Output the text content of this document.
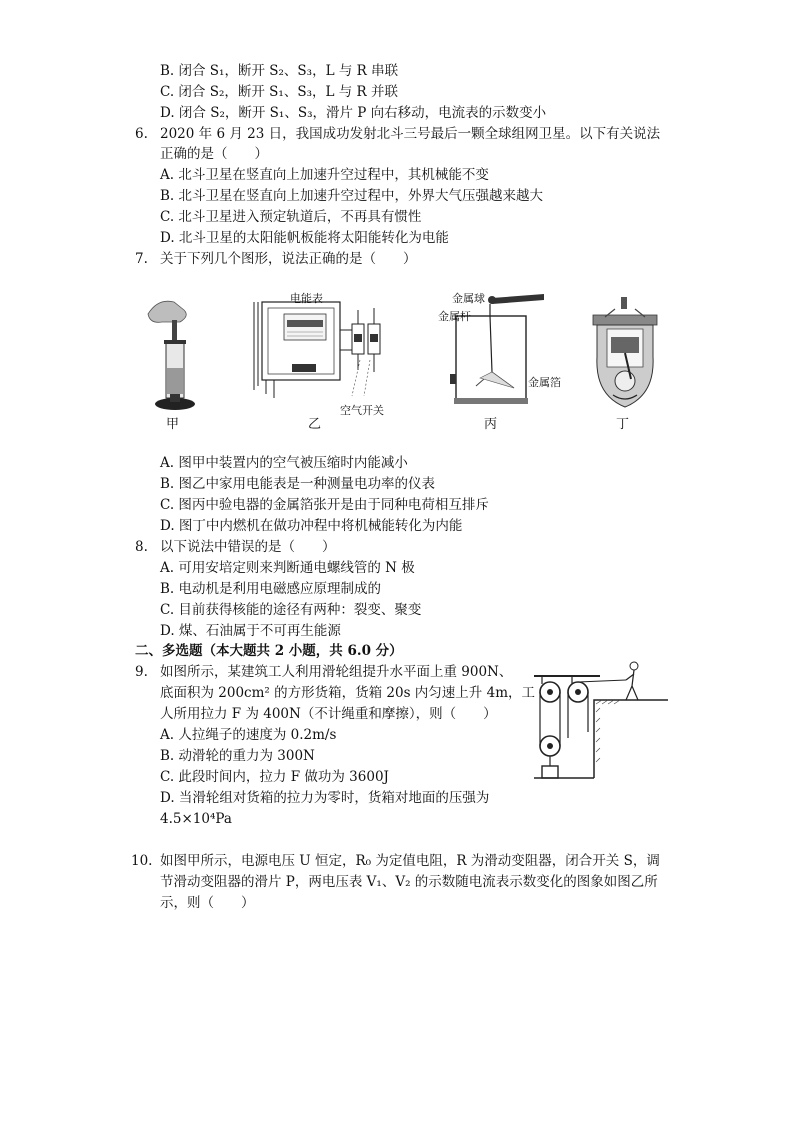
B. 闭合 S₁，断开 S₂、S₃，L 与 R 串联
C. 闭合 S₂，断开 S₁、S₃，L 与 R 并联
D. 闭合 S₂，断开 S₁、S₃，滑片 P 向右移动，电流表的示数变小
6. 2020 年 6 月 23 日，我国成功发射北斗三号最后一颗全球组网卫星。以下有关说法
正确的是（　　）
A. 北斗卫星在竖直向上加速升空过程中，其机械能不变
B. 北斗卫星在竖直向上加速升空过程中，外界大气压强越来越大
C. 北斗卫星进入预定轨道后，不再具有惯性
D. 北斗卫星的太阳能帆板能将太阳能转化为电能
7. 关于下列几个图形，说法正确的是（　　）
甲
电能表
空气开关
乙
金属球
金属杆
金属箔
丙	丁
A. 图甲中装置内的空气被压缩时内能减小
B. 图乙中家用电能表是一种测量电功率的仪表
C. 图丙中验电器的金属箔张开是由于同种电荷相互排斥
D. 图丁中内燃机在做功冲程中将机械能转化为内能
8. 以下说法中错误的是（　　）
A. 可用安培定则来判断通电螺线管的 N 极
B. 电动机是利用电磁感应原理制成的
C. 目前获得核能的途径有两种：裂变、聚变
D. 煤、石油属于不可再生能源
二、多选题（本大题共 2 小题，共 6.0 分）
9. 如图所示，某建筑工人利用滑轮组提升水平面上重 900N、
底面积为 200cm² 的方形货箱，货箱 20s 内匀速上升 4m，工
人所用拉力 F 为 400N（不计绳重和摩擦），则（　　）
A. 人拉绳子的速度为 0.2m/s
B. 动滑轮的重力为 300N
C. 此段时间内，拉力 F 做功为 3600J
D. 当滑轮组对货箱的拉力为零时，货箱对地面的压强为
4.5×10⁴Pa
10. 如图甲所示，电源电压 U 恒定，R₀ 为定值电阻，R 为滑动变阻器，闭合开关 S，调
节滑动变阻器的滑片 P，两电压表 V₁、V₂ 的示数随电流表示数变化的图象如图乙所
示，则（　　）
